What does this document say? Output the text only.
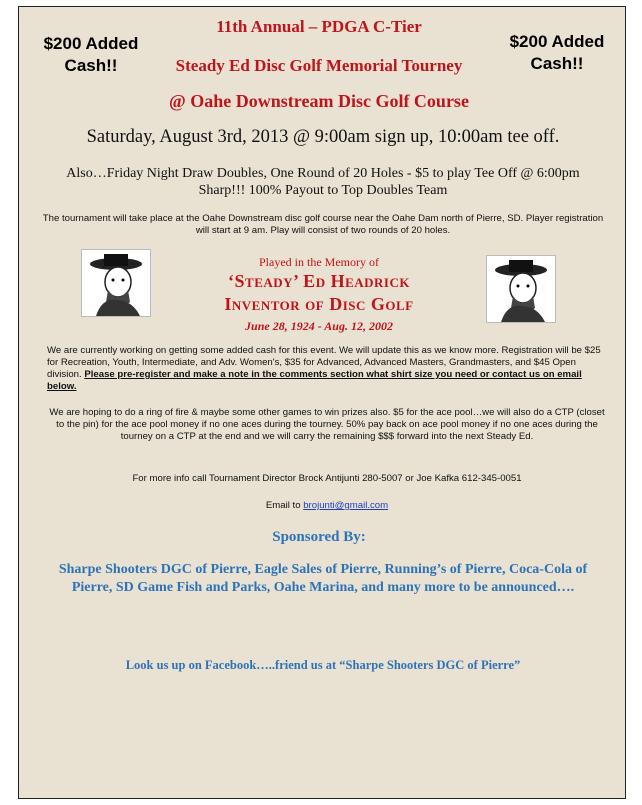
$200 Added Cash!!
$200 Added Cash!!
11th Annual – PDGA C-Tier
Steady Ed Disc Golf Memorial Tourney
@ Oahe Downstream Disc Golf Course
Saturday, August 3rd, 2013 @ 9:00am sign up, 10:00am tee off.
Also…Friday Night Draw Doubles, One Round of 20 Holes - $5 to play Tee Off @ 6:00pm Sharp!!! 100% Payout to Top Doubles Team
The tournament will take place at the Oahe Downstream disc golf course near the Oahe Dam north of Pierre, SD. Player registration will start at 9 am. Play will consist of two rounds of 20 holes.
Played in the Memory of
‘Steady’ Ed Headrick
Inventor of Disc Golf
June 28, 1924 - Aug. 12, 2002
We are currently working on getting some added cash for this event. We will update this as we know more. Registration will be $25 for Recreation, Youth, Intermediate, and Adv. Women's, $35 for Advanced, Advanced Masters, Grandmasters, and $45 Open division. Please pre-register and make a note in the comments section what shirt size you need or contact us on email below.
We are hoping to do a ring of fire & maybe some other games to win prizes also. $5 for the ace pool…we will also do a CTP (closet to the pin) for the ace pool money if no one aces during the tourney. 50% pay back on ace pool money if no one aces during the tourney on a CTP at the end and we will carry the remaining $$$ forward into the next Steady Ed.
For more info call Tournament Director Brock Antijunti 280-5007 or Joe Kafka 612-345-0051
Email to brojunti@gmail.com
Sponsored By:
Sharpe Shooters DGC of Pierre, Eagle Sales of Pierre, Running’s of Pierre, Coca-Cola of Pierre, SD Game Fish and Parks, Oahe Marina, and many more to be announced….
Look us up on Facebook…..friend us at “Sharpe Shooters DGC of Pierre”
